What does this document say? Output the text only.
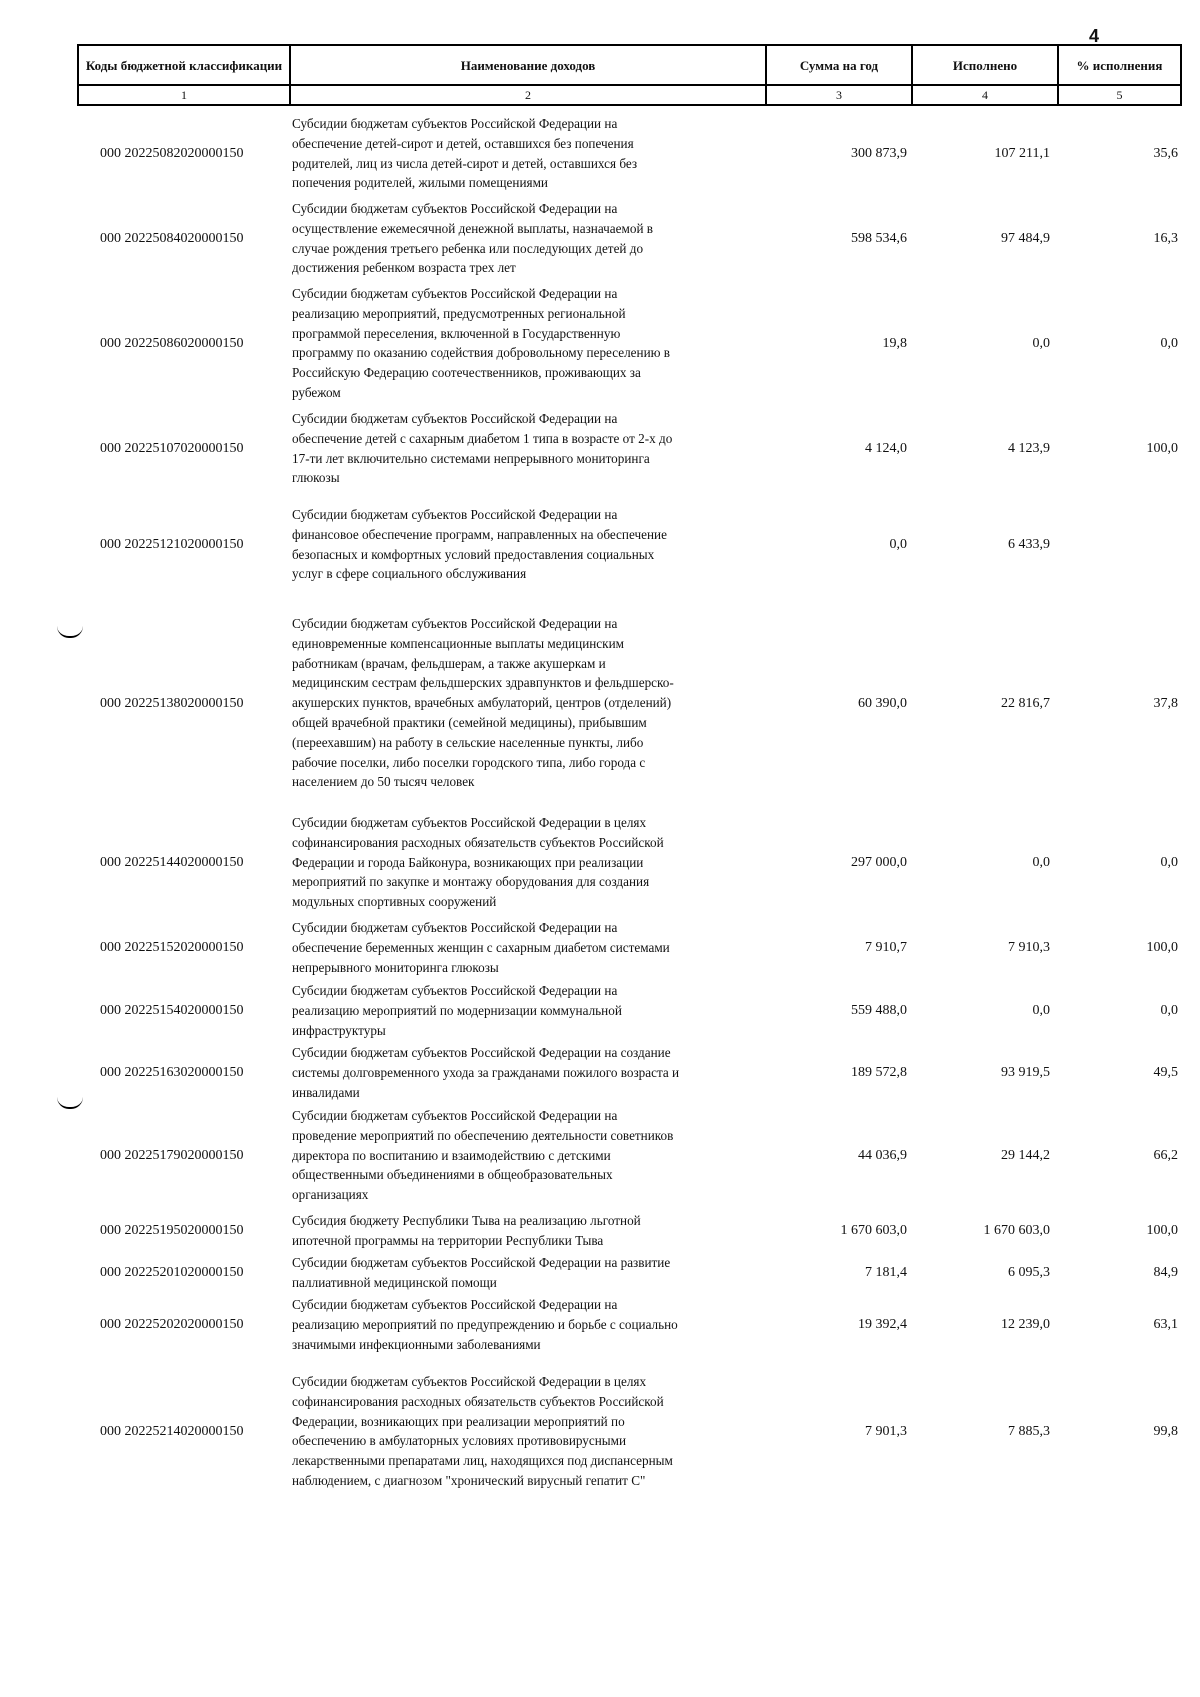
4
Коды бюджетной классификации	Наименование доходов	Сумма на год	Исполнено	% исполнения
1	2	3	4	5
000 20225082020000150
Субсидии бюджетам субъектов Российской Федерации на
обеспечение детей-сирот и детей, оставшихся без попечения
родителей, лиц из числа детей-сирот и детей, оставшихся без
попечения родителей, жилыми помещениями
300 873,9	107 211,1	35,6
000 20225084020000150
Субсидии бюджетам субъектов Российской Федерации на
осуществление ежемесячной денежной выплаты, назначаемой в
случае рождения третьего ребенка или последующих детей до
достижения ребенком возраста трех лет
598 534,6	97 484,9	16,3
000 20225086020000150
Субсидии бюджетам субъектов Российской Федерации на
реализацию мероприятий, предусмотренных региональной
программой переселения, включенной в Государственную
программу по оказанию содействия добровольному переселению в
Российскую Федерацию соотечественников, проживающих за
рубежом
19,8	0,0	0,0
000 20225107020000150
Субсидии бюджетам субъектов Российской Федерации на
обеспечение детей с сахарным диабетом 1 типа в возрасте от 2-х до
17-ти лет включительно системами непрерывного мониторинга
глюкозы
4 124,0	4 123,9	100,0
000 20225121020000150
Субсидии бюджетам субъектов Российской Федерации на
финансовое обеспечение программ, направленных на обеспечение
безопасных и комфортных условий предоставления социальных
услуг в сфере социального обслуживания
0,0	6 433,9
000 20225138020000150
Субсидии бюджетам субъектов Российской Федерации на
единовременные компенсационные выплаты медицинским
работникам (врачам, фельдшерам, а также акушеркам и
медицинским сестрам фельдшерских здравпунктов и фельдшерско-
акушерских пунктов, врачебных амбулаторий, центров (отделений)
общей врачебной практики (семейной медицины), прибывшим
(переехавшим) на работу в сельские населенные пункты, либо
рабочие поселки, либо поселки городского типа, либо города с
населением до 50 тысяч человек
60 390,0	22 816,7	37,8
000 20225144020000150
Субсидии бюджетам субъектов Российской Федерации в целях
софинансирования расходных обязательств субъектов Российской
Федерации и города Байконура, возникающих при реализации
мероприятий по закупке и монтажу оборудования для создания
модульных спортивных сооружений
297 000,0	0,0	0,0
000 20225152020000150
Субсидии бюджетам субъектов Российской Федерации на
обеспечение беременных женщин с сахарным диабетом системами
непрерывного мониторинга глюкозы
7 910,7	7 910,3	100,0
000 20225154020000150
Субсидии бюджетам субъектов Российской Федерации на
реализацию мероприятий по модернизации коммунальной
инфраструктуры
559 488,0	0,0	0,0
000 20225163020000150
Субсидии бюджетам субъектов Российской Федерации на создание
системы долговременного ухода за гражданами пожилого возраста и
инвалидами
189 572,8	93 919,5	49,5
000 20225179020000150
Субсидии бюджетам субъектов Российской Федерации на
проведение мероприятий по обеспечению деятельности советников
директора по воспитанию и взаимодействию с детскими
общественными объединениями в общеобразовательных
организациях
44 036,9	29 144,2	66,2
000 20225195020000150
Субсидия бюджету Республики Тыва на реализацию льготной
ипотечной программы на территории Республики Тыва
1 670 603,0	1 670 603,0	100,0
000 20225201020000150
Субсидии бюджетам субъектов Российской Федерации на развитие
паллиативной медицинской помощи
7 181,4	6 095,3	84,9
000 20225202020000150
Субсидии бюджетам субъектов Российской Федерации на
реализацию мероприятий по предупреждению и борьбе с социально
значимыми инфекционными заболеваниями
19 392,4	12 239,0	63,1
000 20225214020000150
Субсидии бюджетам субъектов Российской Федерации в целях
софинансирования расходных обязательств субъектов Российской
Федерации, возникающих при реализации мероприятий по
обеспечению в амбулаторных условиях противовирусными
лекарственными препаратами лиц, находящихся под диспансерным
наблюдением, с диагнозом "хронический вирусный гепатит С"
7 901,3	7 885,3	99,8
